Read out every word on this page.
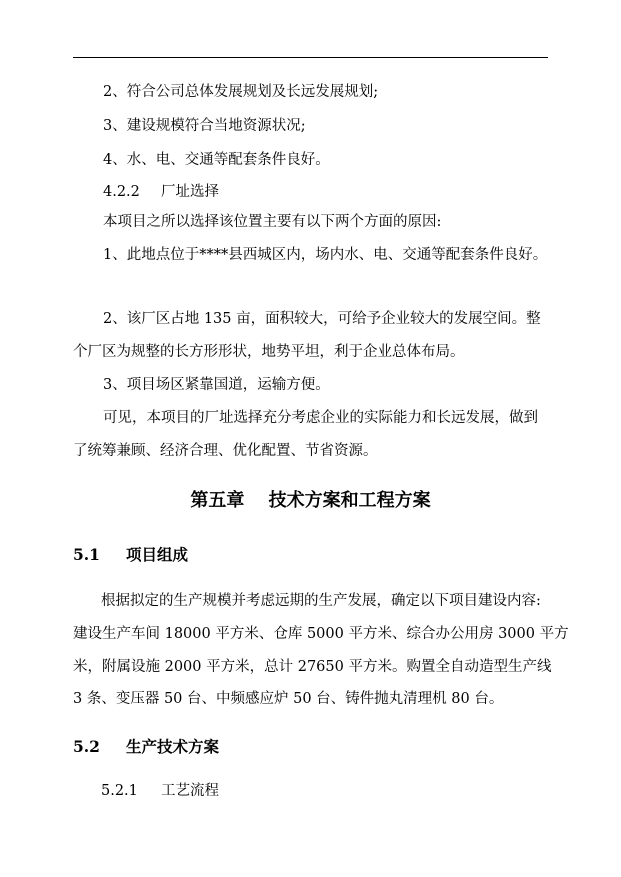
2、符合公司总体发展规划及长远发展规划;
3、建设规模符合当地资源状况;
4、水、电、交通等配套条件良好。
4.2.2 厂址选择
本项目之所以选择该位置主要有以下两个方面的原因:
1、此地点位于****县西城区内，场内水、电、交通等配套条件良好。
2、该厂区占地 135 亩，面积较大，可给予企业较大的发展空间。整
个厂区为规整的长方形形状，地势平坦，利于企业总体布局。
3、项目场区紧靠国道，运输方便。
可见，本项目的厂址选择充分考虑企业的实际能力和长远发展，做到
了统筹兼顾、经济合理、优化配置、节省资源。
第五章　 技术方案和工程方案
5.1 项目组成
根据拟定的生产规模并考虑远期的生产发展，确定以下项目建设内容:
建设生产车间 18000 平方米、仓库 5000 平方米、综合办公用房 3000 平方
米，附属设施 2000 平方米，总计 27650 平方米。购置全自动造型生产线
3 条、变压器 50 台、中频感应炉 50 台、铸件抛丸清理机 80 台。
5.2 生产技术方案
5.2.1 工艺流程
